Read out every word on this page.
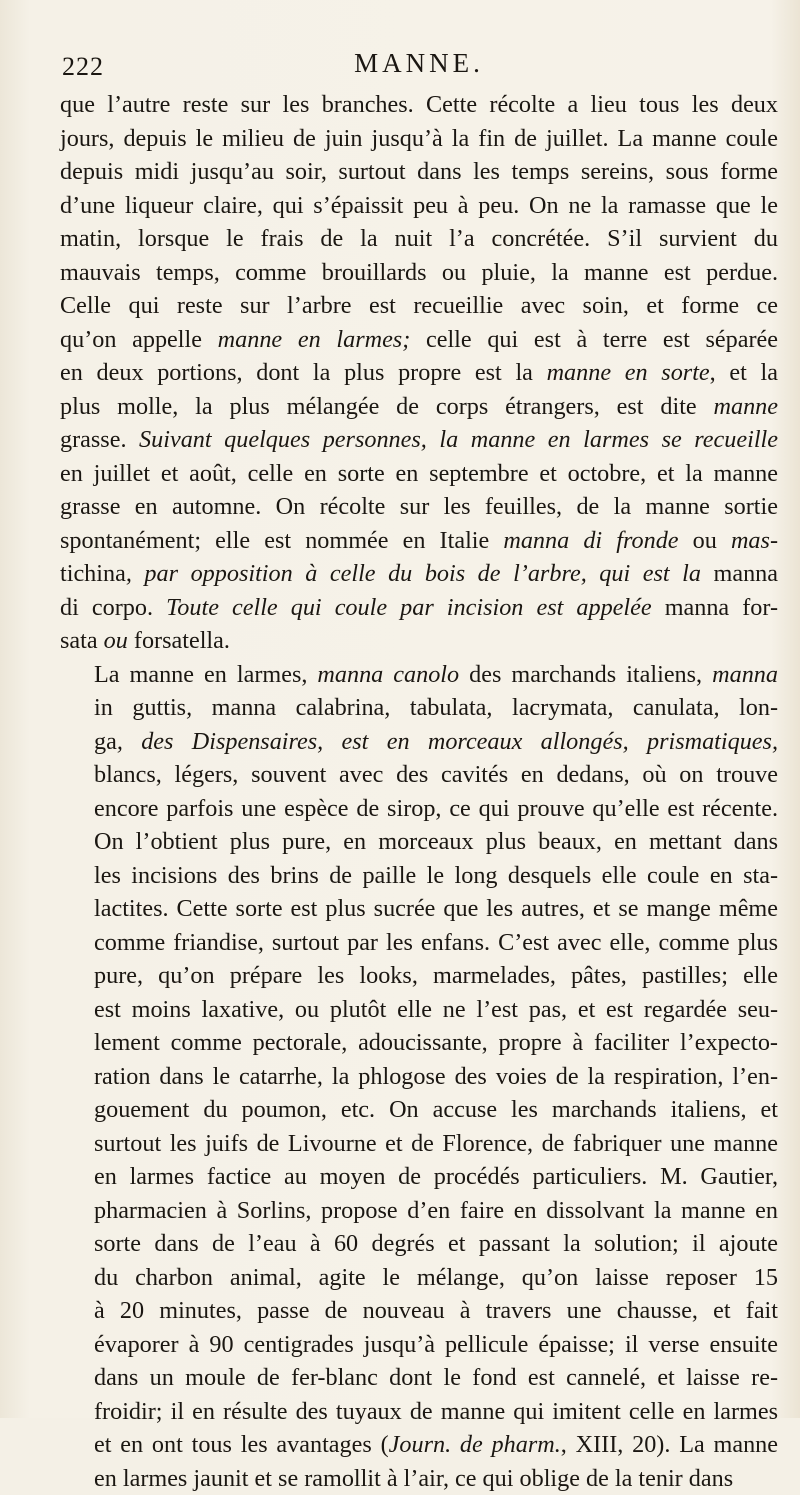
222	MANNE.

que l’autre reste sur les branches. Cette récolte a lieu tous les deux
jours, depuis le milieu de juin jusqu’à la fin de juillet. La manne coule
depuis midi jusqu’au soir, surtout dans les temps sereins, sous forme
d’une liqueur claire, qui s’épaissit peu à peu. On ne la ramasse que le
matin, lorsque le frais de la nuit l’a concrétée. S’il survient du
mauvais temps, comme brouillards ou pluie, la manne est perdue.
Celle qui reste sur l’arbre est recueillie avec soin, et forme ce
qu’on appelle manne en larmes; celle qui est à terre est séparée
en deux portions, dont la plus propre est la manne en sorte, et la
plus molle, la plus mélangée de corps étrangers, est dite manne
grasse. Suivant quelques personnes, la manne en larmes se recueille
en juillet et août, celle en sorte en septembre et octobre, et la manne
grasse en automne. On récolte sur les feuilles, de la manne sortie
spontanément; elle est nommée en Italie manna di fronde ou mas-
tichina, par opposition à celle du bois de l’arbre, qui est la manna
di corpo. Toute celle qui coule par incision est appelée manna for-
sata ou forsatella.

La manne en larmes, manna canolo des marchands italiens, manna
in guttis, manna calabrina, tabulata, lacrymata, canulata, lon-
ga, des Dispensaires, est en morceaux allongés, prismatiques,
blancs, légers, souvent avec des cavités en dedans, où on trouve
encore parfois une espèce de sirop, ce qui prouve qu’elle est récente.
On l’obtient plus pure, en morceaux plus beaux, en mettant dans
les incisions des brins de paille le long desquels elle coule en sta-
lactites. Cette sorte est plus sucrée que les autres, et se mange même
comme friandise, surtout par les enfans. C’est avec elle, comme plus
pure, qu’on prépare les looks, marmelades, pâtes, pastilles; elle
est moins laxative, ou plutôt elle ne l’est pas, et est regardée seu-
lement comme pectorale, adoucissante, propre à faciliter l’expecto-
ration dans le catarrhe, la phlogose des voies de la respiration, l’en-
gouement du poumon, etc. On accuse les marchands italiens, et
surtout les juifs de Livourne et de Florence, de fabriquer une manne
en larmes factice au moyen de procédés particuliers. M. Gautier,
pharmacien à Sorlins, propose d’en faire en dissolvant la manne en
sorte dans de l’eau à 60 degrés et passant la solution; il ajoute
du charbon animal, agite le mélange, qu’on laisse reposer 15
à 20 minutes, passe de nouveau à travers une chausse, et fait
évaporer à 90 centigrades jusqu’à pellicule épaisse; il verse ensuite
dans un moule de fer-blanc dont le fond est cannelé, et laisse re-
froidir; il en résulte des tuyaux de manne qui imitent celle en larmes
et en ont tous les avantages (Journ. de pharm., XIII, 20). La manne
en larmes jaunit et se ramollit à l’air, ce qui oblige de la tenir dans
